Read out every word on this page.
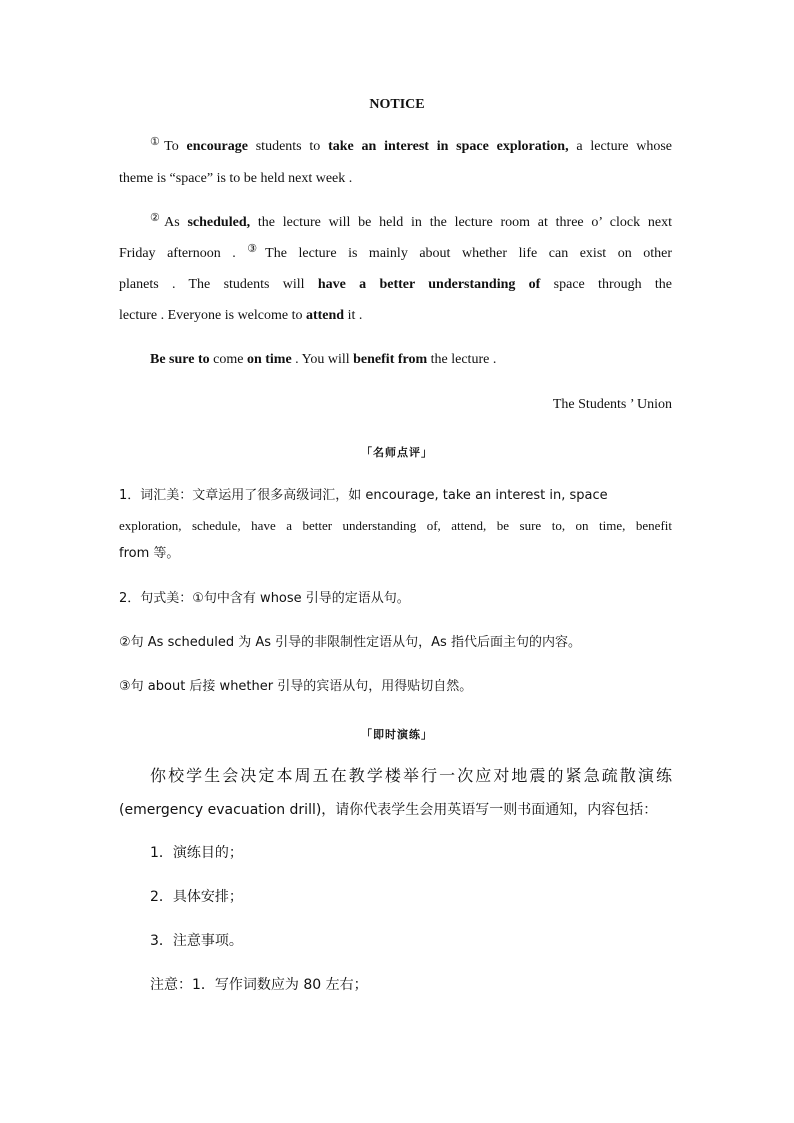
NOTICE
①To encourage students to take an interest in space exploration, a lecture whose
theme is “space” is to be held next week .
②As scheduled, the lecture will be held in the lecture room at three o’ clock next
Friday afternoon . ③The lecture is mainly about whether life can exist on other
planets . The students will have a better understanding of space through the
lecture . Everyone is welcome to attend it .
Be sure to come on time . You will benefit from the lecture .
The Students ’ Union
「名师点评」
1．词汇美：文章运用了很多高级词汇，如 encourage, take an interest in, space
exploration, schedule, have a better understanding of, attend, be sure to, on time, benefit
from 等。
2．句式美：①句中含有 whose 引导的定语从句。
②句 As scheduled 为 As 引导的非限制性定语从句，As 指代后面主句的内容。
③句 about 后接 whether 引导的宾语从句，用得贴切自然。
「即时演练」
你校学生会决定本周五在教学楼举行一次应对地震的紧急疏散演练
(emergency evacuation drill)，请你代表学生会用英语写一则书面通知，内容包括：
1．演练目的；
2．具体安排；
3．注意事项。
注意：1．写作词数应为 80 左右；
